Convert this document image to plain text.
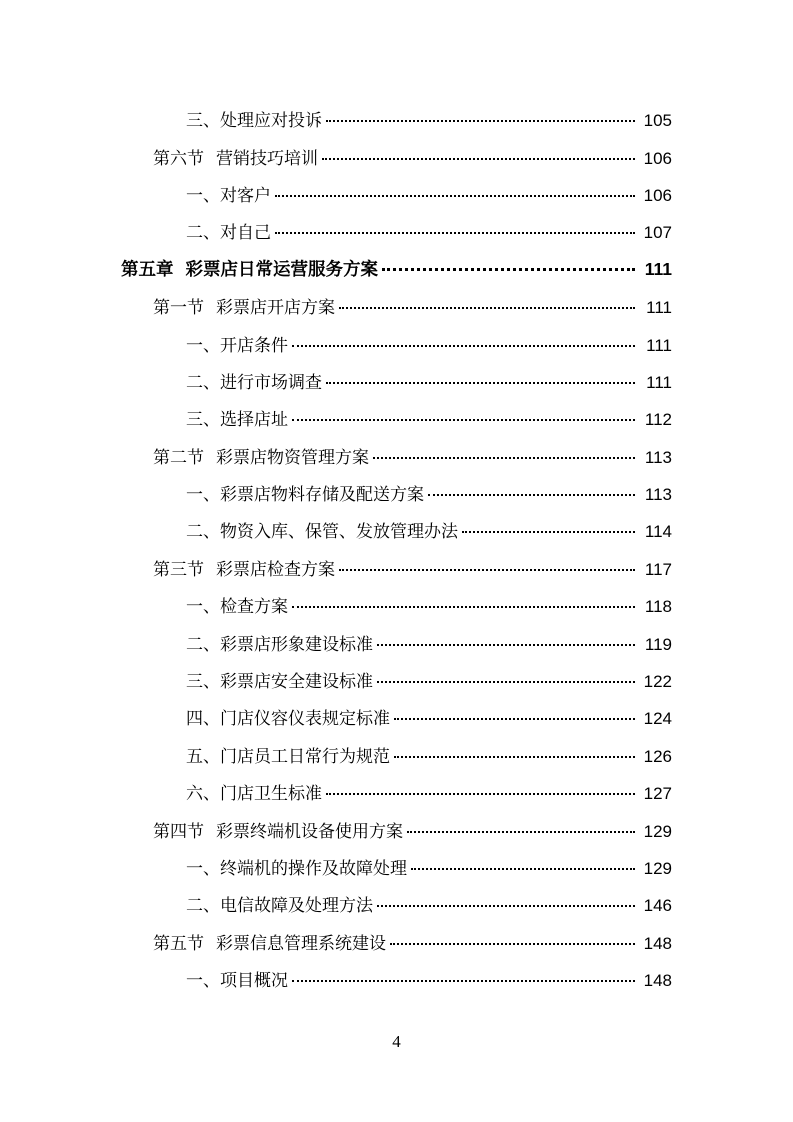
三、 处理应对投诉	105
第六节 营销技巧培训	106
一、 对客户	106
二、 对自己	107
第五章 彩票店日常运营服务方案	111
第一节 彩票店开店方案	111
一、 开店条件	111
二、 进行市场调查	111
三、 选择店址	112
第二节 彩票店物资管理方案	113
一、 彩票店物料存储及配送方案	113
二、 物资入库、保管、发放管理办法	114
第三节 彩票店检查方案	117
一、 检查方案	118
二、 彩票店形象建设标准	119
三、 彩票店安全建设标准	122
四、 门店仪容仪表规定标准	124
五、 门店员工日常行为规范	126
六、 门店卫生标准	127
第四节 彩票终端机设备使用方案	129
一、 终端机的操作及故障处理	129
二、 电信故障及处理方法	146
第五节 彩票信息管理系统建设	148
一、 项目概况	148
4
